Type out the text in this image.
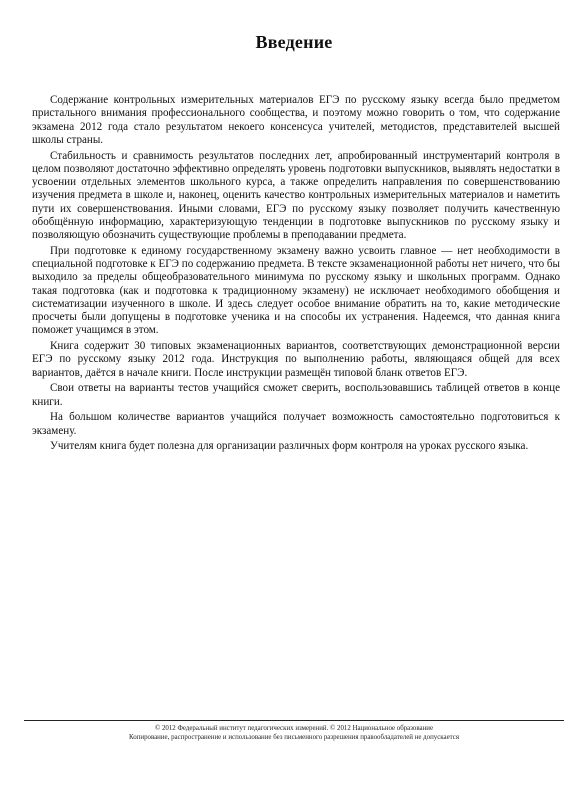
Введение

Содержание контрольных измерительных материалов ЕГЭ по русскому языку всегда было предметом пристального внимания профессионального сообщества, и поэтому можно говорить о том, что содержание экзамена 2012 года стало результатом некоего консенсуса учителей, методистов, представителей высшей школы страны.

Стабильность и сравнимость результатов последних лет, апробированный инструментарий контроля в целом позволяют достаточно эффективно определять уровень подготовки выпускников, выявлять недостатки в усвоении отдельных элементов школьного курса, а также определить направления по совершенствованию изучения предмета в школе и, наконец, оценить качество контрольных измерительных материалов и наметить пути их совершенствования. Иными словами, ЕГЭ по русскому языку позволяет получить качественную обобщённую информацию, характеризующую тенденции в подготовке выпускников по русскому языку и позволяющую обозначить существующие проблемы в преподавании предмета.

При подготовке к единому государственному экзамену важно усвоить главное — нет необходимости в специальной подготовке к ЕГЭ по содержанию предмета. В тексте экзаменационной работы нет ничего, что бы выходило за пределы общеобразовательного минимума по русскому языку и школьных программ. Однако такая подготовка (как и подготовка к традиционному экзамену) не исключает необходимого обобщения и систематизации изученного в школе. И здесь следует особое внимание обратить на то, какие методические просчеты были допущены в подготовке ученика и на способы их устранения. Надеемся, что данная книга поможет учащимся в этом.

Книга содержит 30 типовых экзаменационных вариантов, соответствующих демонстрационной версии ЕГЭ по русскому языку 2012 года. Инструкция по выполнению работы, являющаяся общей для всех вариантов, даётся в начале книги. После инструкции размещён типовой бланк ответов ЕГЭ.

Свои ответы на варианты тестов учащийся сможет сверить, воспользовавшись таблицей ответов в конце книги.

На большом количестве вариантов учащийся получает возможность самостоятельно подготовиться к экзамену.

Учителям книга будет полезна для организации различных форм контроля на уроках русского языка.

© 2012 Федеральный институт педагогических измерений. © 2012 Национальное образование
Копирование, распространение и использование без письменного разрешения правообладателей не допускается
